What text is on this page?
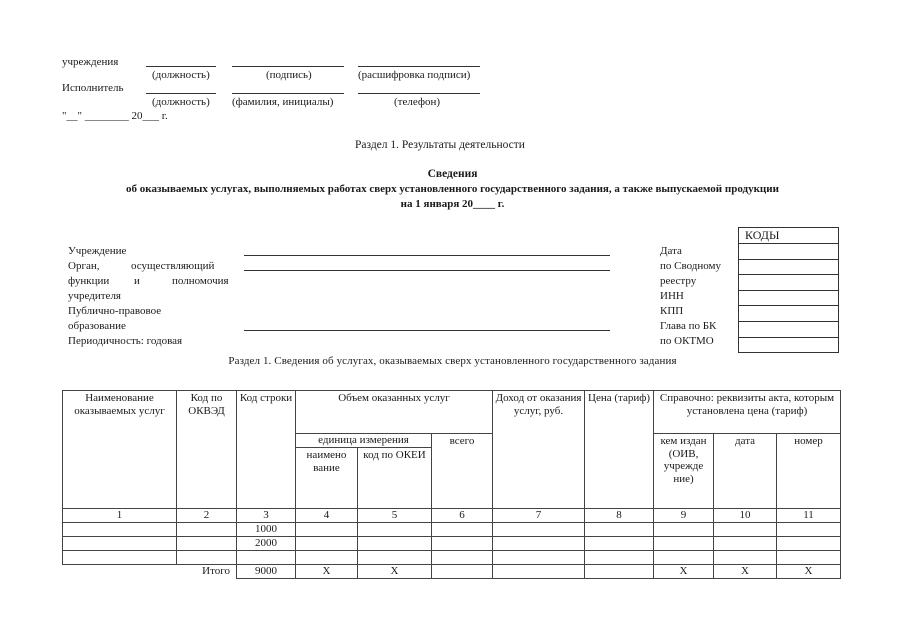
учреждения
(должность)	(подпись)	(расшифровка подписи)
Исполнитель
(должность) (фамилия, инициалы)	(телефон)
"__" ________ 20___ г.
Раздел 1. Результаты деятельности
Сведения
об оказываемых услугах, выполняемых работах сверх установленного государственного задания, а также выпускаемой продукции
на 1 января 20____ г.
Учреждение
Орган,	осуществляющий
функции и	полномочия
учредителя
Публично-правовое
образование
Периодичность: годовая
Дата
по Сводному
реестру
ИНН
КПП
Глава по БК
по ОКТМО
КОДЫ

Раздел 1. Сведения об услугах, оказываемых сверх установленного государственного задания
Наименование оказываемых услуг	Код по ОКВЭД	Код строки	Объем оказанных услуг			Доход от оказания услуг, руб.	Цена (тариф)	Справочно: реквизиты акта, которым установлена цена (тариф)		
			единица измерения		всего			кем издан (ОИВ, учрежде ние)	дата	номер
			наимено вание	код по ОКЕИ						
1	2	3	4	5	6	7	8	9	10	11
		1000								
		2000								

Итого		9000	X	X				X	X	X
